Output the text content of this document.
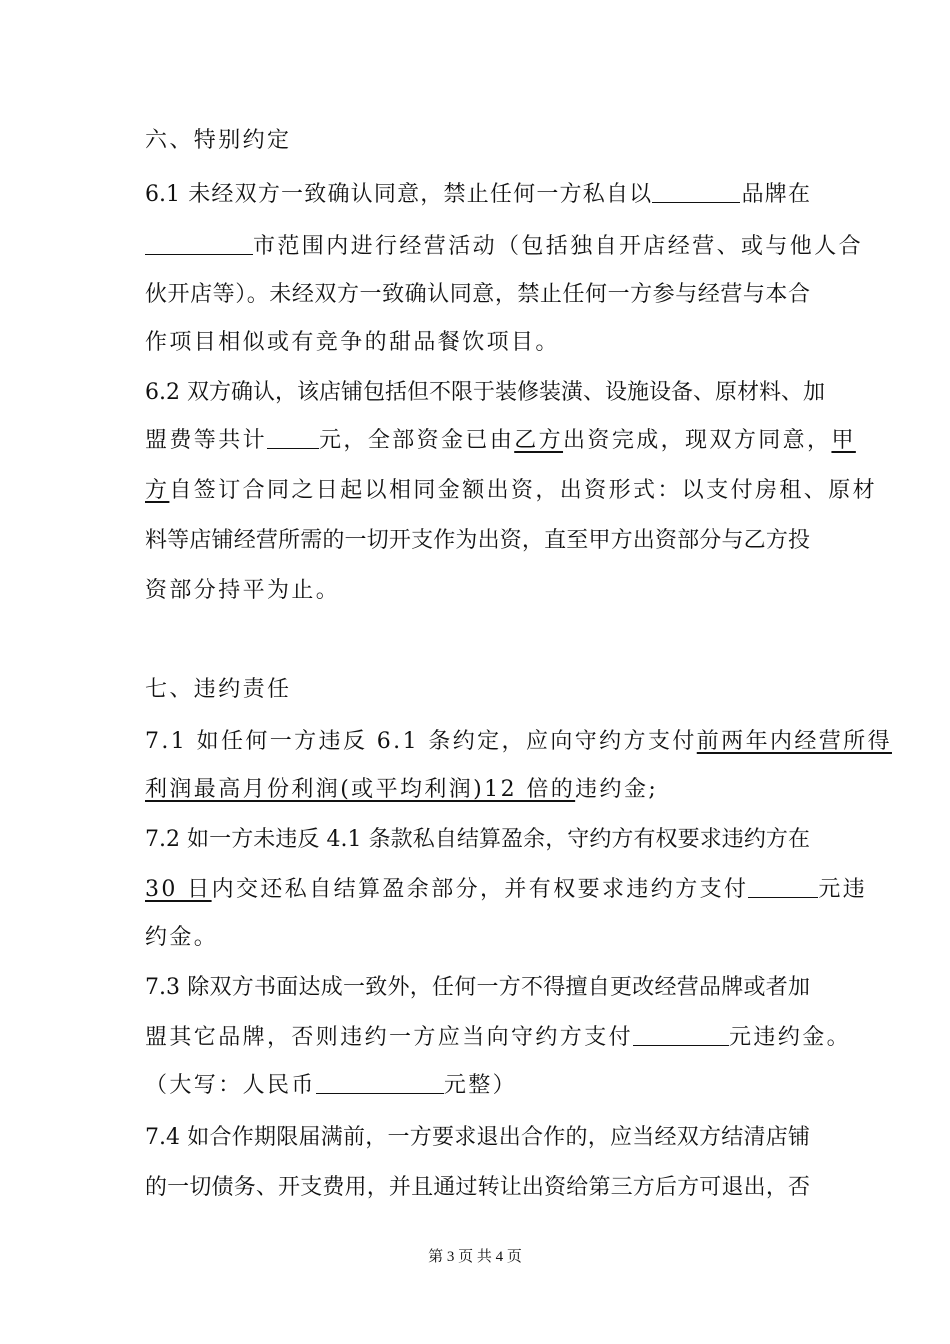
六、特别约定
6.1 未经双方一致确认同意，禁止任何一方私自以	品牌在
市范围内进行经营活动（包括独自开店经营、或与他人合
伙开店等）。未经双方一致确认同意，禁止任何一方参与经营与本合
作项目相似或有竞争的甜品餐饮项目。
6.2 双方确认，该店铺包括但不限于装修装潢、设施设备、原材料、加
盟费等共计 元，全部资金已由乙方出资完成，现双方同意，甲
方自签订合同之日起以相同金额出资，出资形式：以支付房租、原材
料等店铺经营所需的一切开支作为出资，直至甲方出资部分与乙方投
资部分持平为止。
七、违约责任
7.1 如任何一方违反 6.1 条约定，应向守约方支付前两年内经营所得
利润最高月份利润(或平均利润)12 倍的违约金;
7.2 如一方未违反 4.1 条款私自结算盈余，守约方有权要求违约方在
30 日内交还私自结算盈余部分，并有权要求违约方支付	元违
约金。
7.3 除双方书面达成一致外，任何一方不得擅自更改经营品牌或者加
盟其它品牌，否则违约一方应当向守约方支付	元违约金。
（大写：人民币	元整）
7.4 如合作期限届满前，一方要求退出合作的，应当经双方结清店铺
的一切债务、开支费用，并且通过转让出资给第三方后方可退出，否
第 3 页 共 4 页
